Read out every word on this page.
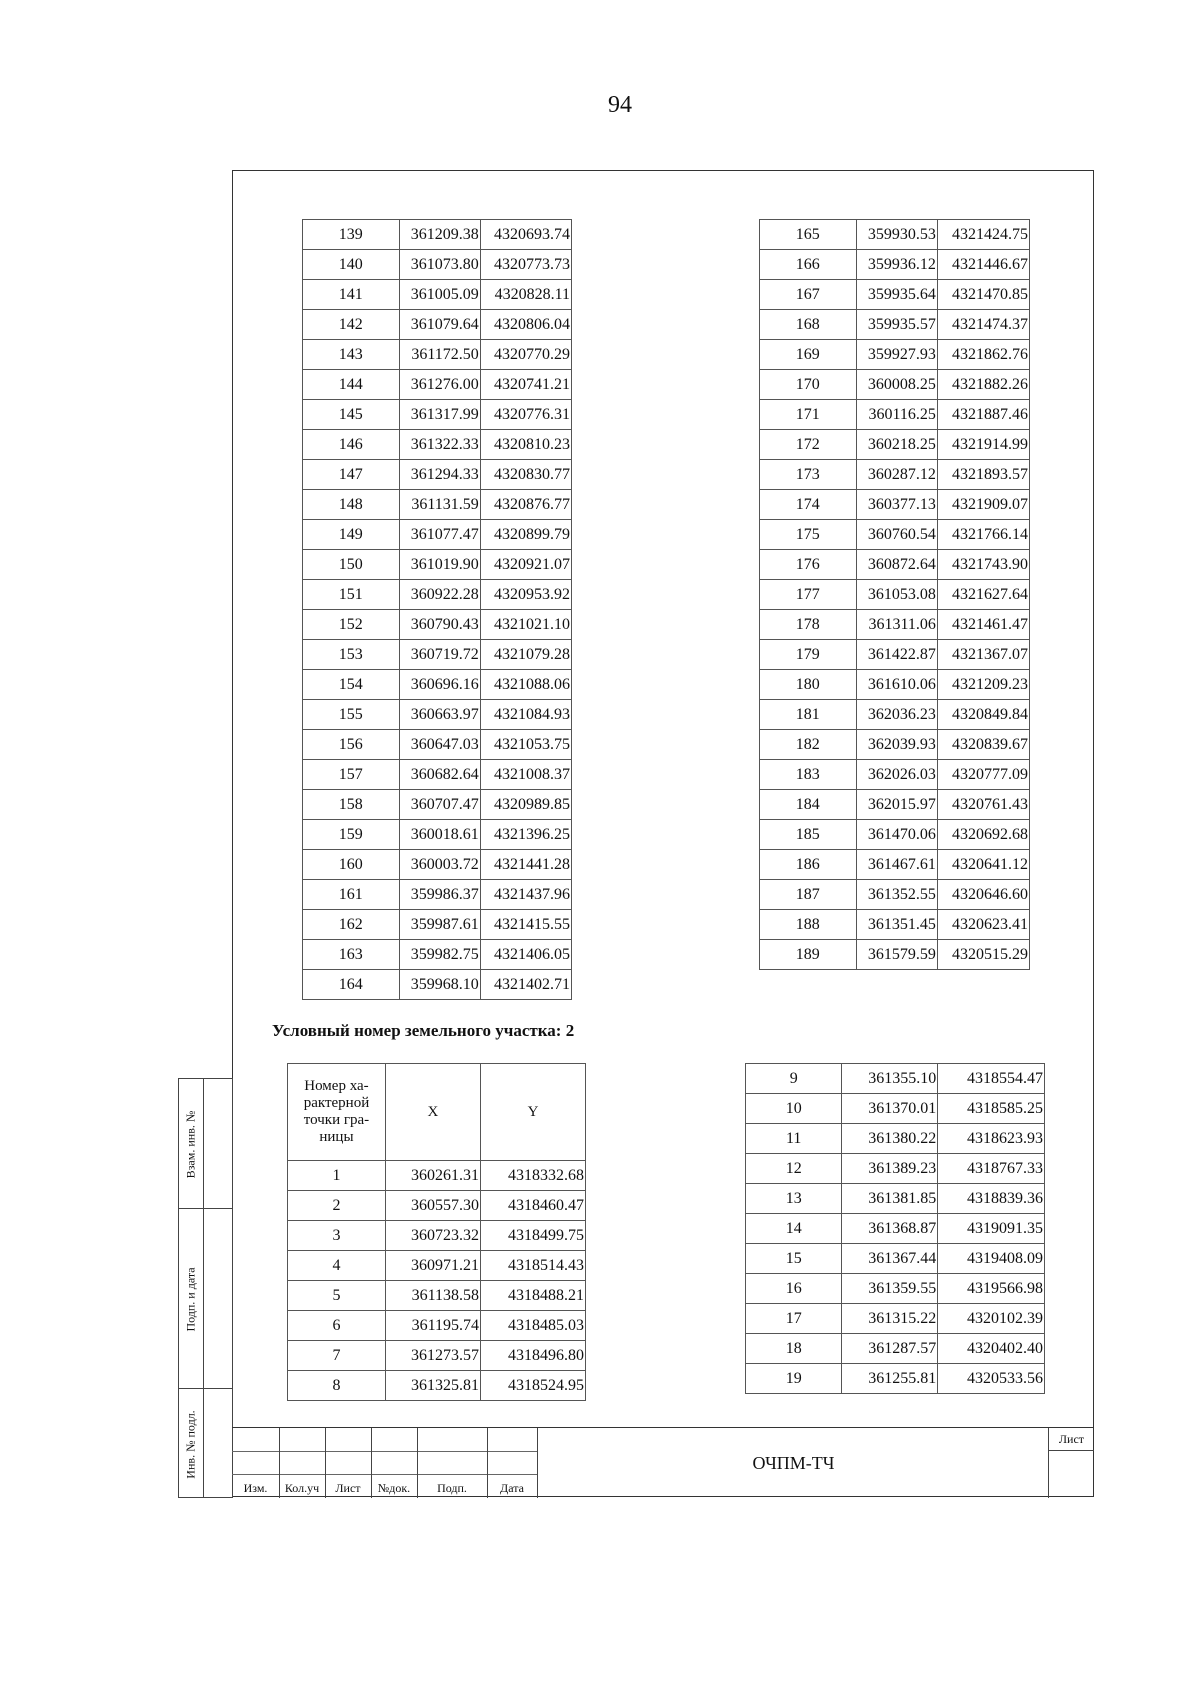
94
139	361209.38	4320693.74
140	361073.80	4320773.73
141	361005.09	4320828.11
142	361079.64	4320806.04
143	361172.50	4320770.29
144	361276.00	4320741.21
145	361317.99	4320776.31
146	361322.33	4320810.23
147	361294.33	4320830.77
148	361131.59	4320876.77
149	361077.47	4320899.79
150	361019.90	4320921.07
151	360922.28	4320953.92
152	360790.43	4321021.10
153	360719.72	4321079.28
154	360696.16	4321088.06
155	360663.97	4321084.93
156	360647.03	4321053.75
157	360682.64	4321008.37
158	360707.47	4320989.85
159	360018.61	4321396.25
160	360003.72	4321441.28
161	359986.37	4321437.96
162	359987.61	4321415.55
163	359982.75	4321406.05
164	359968.10	4321402.71
165	359930.53	4321424.75
166	359936.12	4321446.67
167	359935.64	4321470.85
168	359935.57	4321474.37
169	359927.93	4321862.76
170	360008.25	4321882.26
171	360116.25	4321887.46
172	360218.25	4321914.99
173	360287.12	4321893.57
174	360377.13	4321909.07
175	360760.54	4321766.14
176	360872.64	4321743.90
177	361053.08	4321627.64
178	361311.06	4321461.47
179	361422.87	4321367.07
180	361610.06	4321209.23
181	362036.23	4320849.84
182	362039.93	4320839.67
183	362026.03	4320777.09
184	362015.97	4320761.43
185	361470.06	4320692.68
186	361467.61	4320641.12
187	361352.55	4320646.60
188	361351.45	4320623.41
189	361579.59	4320515.29
Условный номер земельного участка: 2
Номер ха-рактерной точки гра-ницы	X	Y
1	360261.31	4318332.68
2	360557.30	4318460.47
3	360723.32	4318499.75
4	360971.21	4318514.43
5	361138.58	4318488.21
6	361195.74	4318485.03
7	361273.57	4318496.80
8	361325.81	4318524.95
9	361355.10	4318554.47
10	361370.01	4318585.25
11	361380.22	4318623.93
12	361389.23	4318767.33
13	361381.85	4318839.36
14	361368.87	4319091.35
15	361367.44	4319408.09
16	361359.55	4319566.98
17	361315.22	4320102.39
18	361287.57	4320402.40
19	361255.81	4320533.56
Взам. инв. №
Подп. и дата
Инв. № подл.
Изм.	Кол.уч	Лист	№док.	Подп.	Дата
ОЧПМ-ТЧ
Лист
